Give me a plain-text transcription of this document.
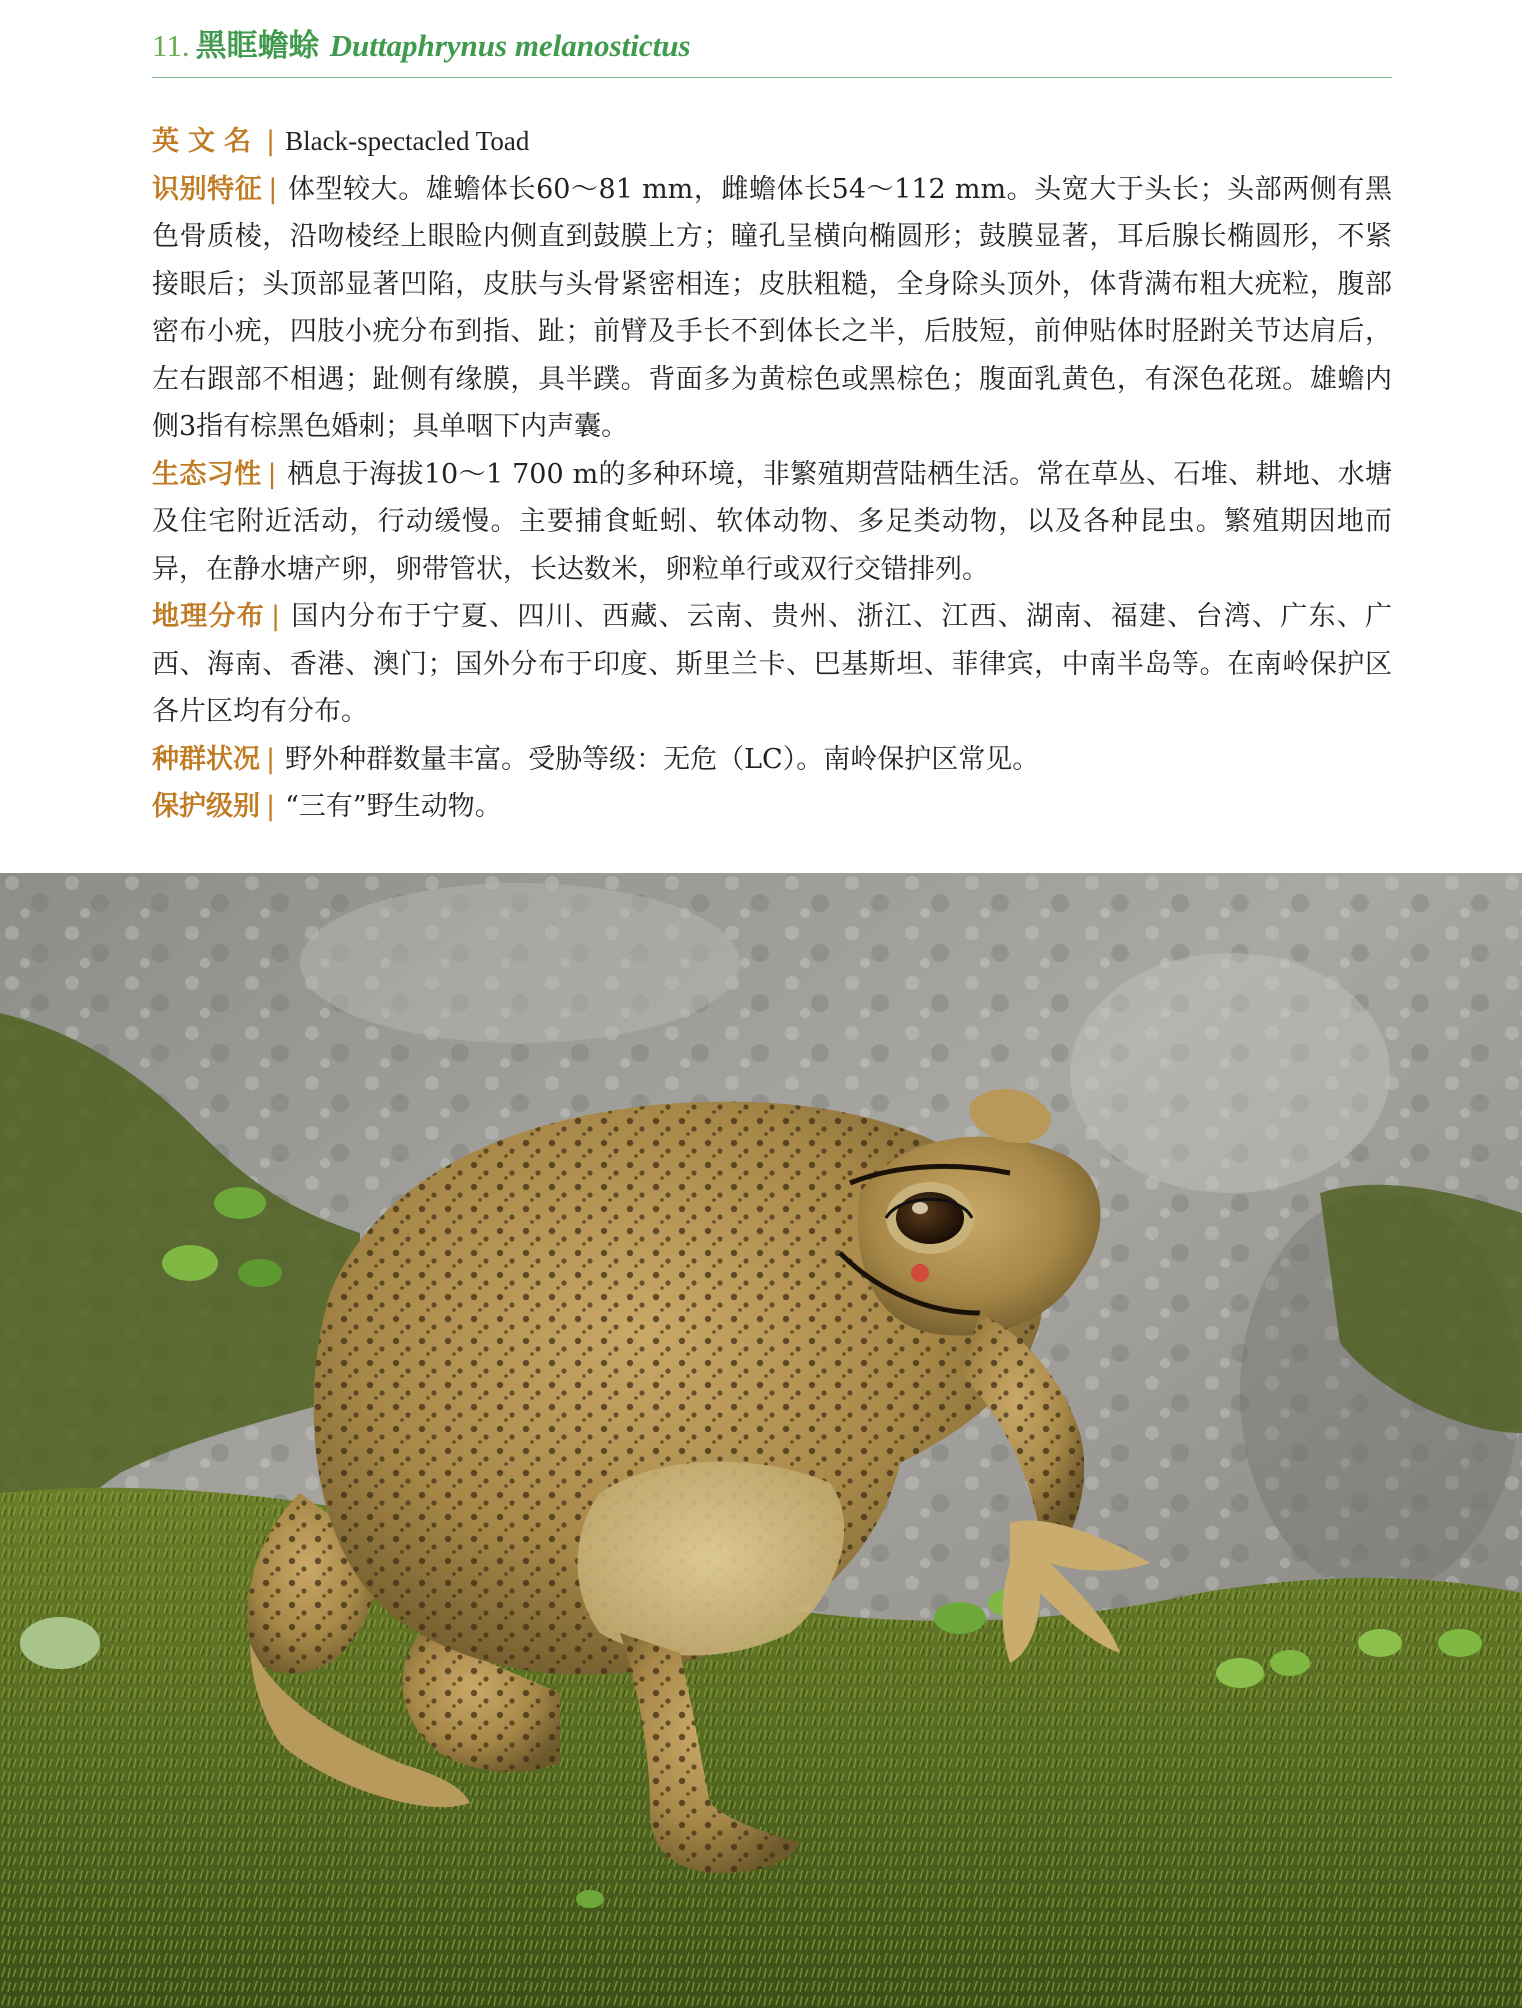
11. 黑眶蟾蜍 Duttaphrynus melanostictus

英文名 | Black-spectacled Toad

识别特征 | 体型较大。雄蟾体长60～81 mm，雌蟾体长54～112 mm。头宽大于头长；头部两侧有黑色骨质棱，沿吻棱经上眼睑内侧直到鼓膜上方；瞳孔呈横向椭圆形；鼓膜显著，耳后腺长椭圆形，不紧接眼后；头顶部显著凹陷，皮肤与头骨紧密相连；皮肤粗糙，全身除头顶外，体背满布粗大疣粒，腹部密布小疣，四肢小疣分布到指、趾；前臂及手长不到体长之半，后肢短，前伸贴体时胫跗关节达肩后，左右跟部不相遇；趾侧有缘膜，具半蹼。背面多为黄棕色或黑棕色；腹面乳黄色，有深色花斑。雄蟾内侧3指有棕黑色婚刺；具单咽下内声囊。

生态习性 | 栖息于海拔10～1 700 m的多种环境，非繁殖期营陆栖生活。常在草丛、石堆、耕地、水塘及住宅附近活动，行动缓慢。主要捕食蚯蚓、软体动物、多足类动物，以及各种昆虫。繁殖期因地而异，在静水塘产卵，卵带管状，长达数米，卵粒单行或双行交错排列。

地理分布 | 国内分布于宁夏、四川、西藏、云南、贵州、浙江、江西、湖南、福建、台湾、广东、广西、海南、香港、澳门；国外分布于印度、斯里兰卡、巴基斯坦、菲律宾，中南半岛等。在南岭保护区各片区均有分布。

种群状况 | 野外种群数量丰富。受胁等级：无危（LC）。南岭保护区常见。

保护级别 | “三有”野生动物。
